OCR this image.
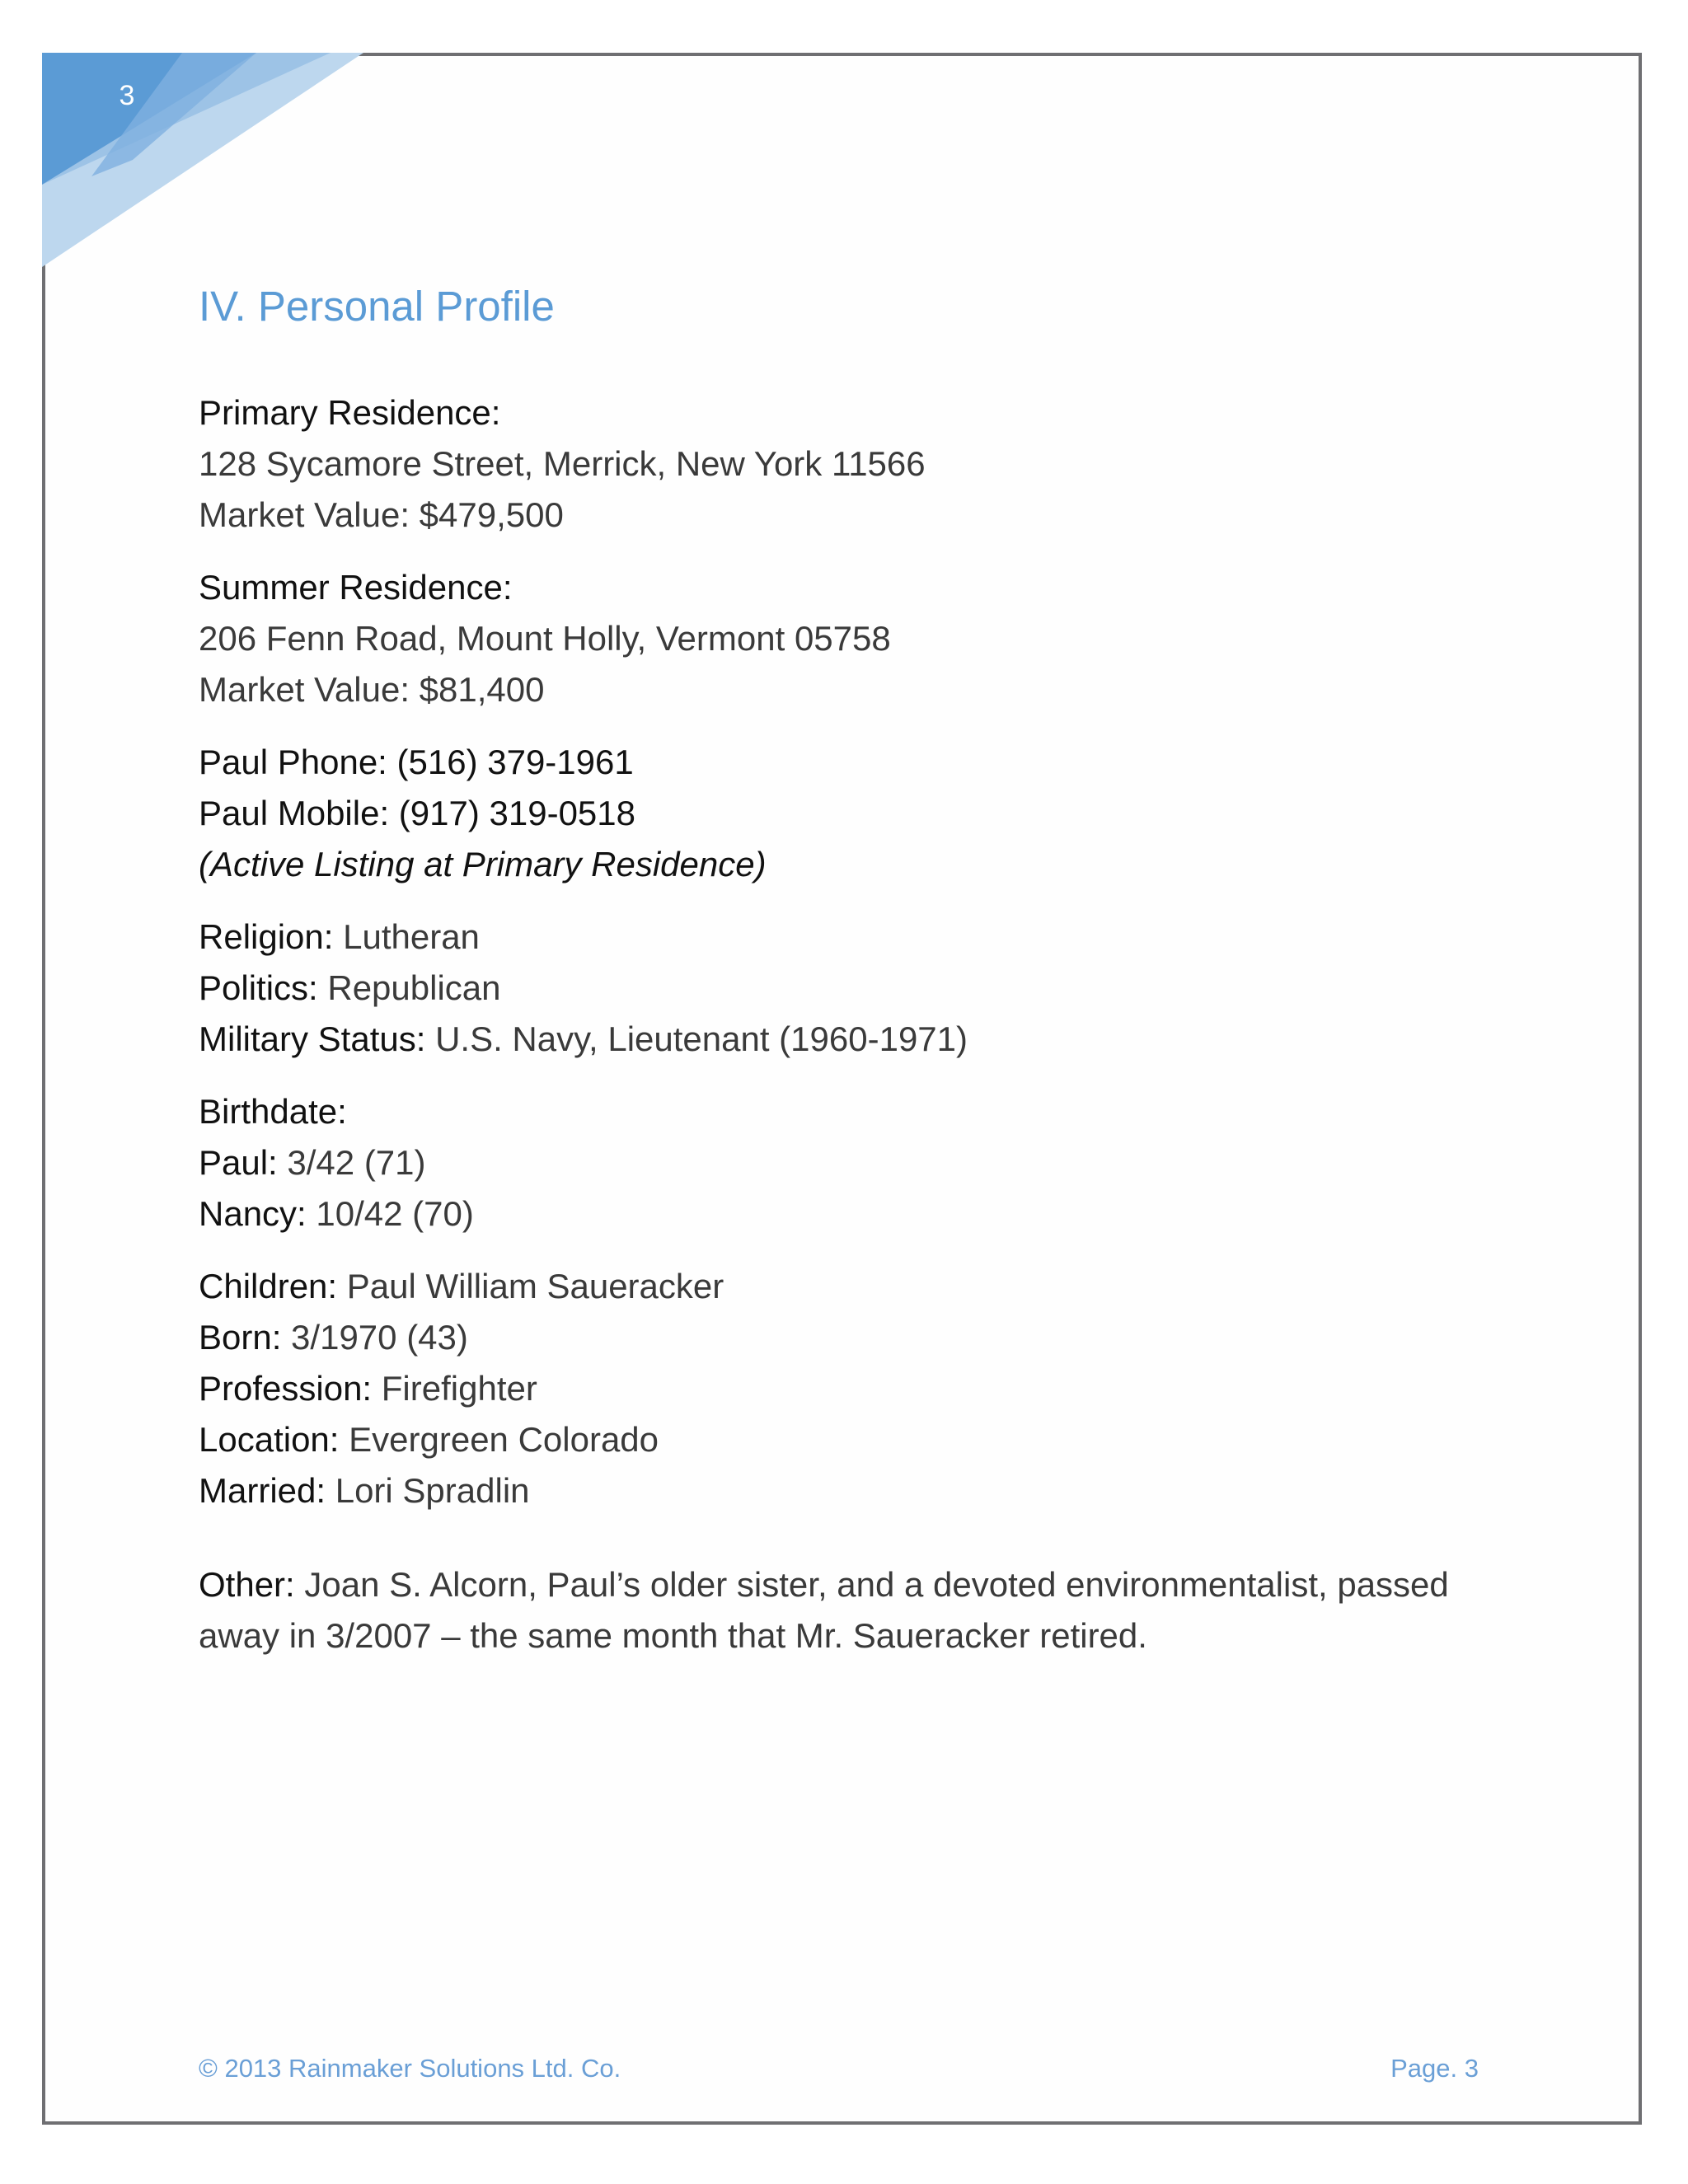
3
IV. Personal Profile
Primary Residence:
128 Sycamore Street, Merrick, New York 11566
Market Value: $479,500
Summer Residence:
206 Fenn Road, Mount Holly, Vermont 05758
Market Value: $81,400
Paul Phone: (516) 379-1961
Paul Mobile: (917) 319-0518
(Active Listing at Primary Residence)
Religion: Lutheran
Politics: Republican
Military Status: U.S. Navy, Lieutenant (1960-1971)
Birthdate:
Paul: 3/42 (71)
Nancy: 10/42 (70)
Children: Paul William Saueracker
Born: 3/1970 (43)
Profession: Firefighter
Location: Evergreen Colorado
Married: Lori Spradlin
Other: Joan S. Alcorn, Paul’s older sister, and a devoted environmentalist, passed away in 3/2007 – the same month that Mr. Saueracker retired.
© 2013 Rainmaker Solutions Ltd. Co.	Page. 3
